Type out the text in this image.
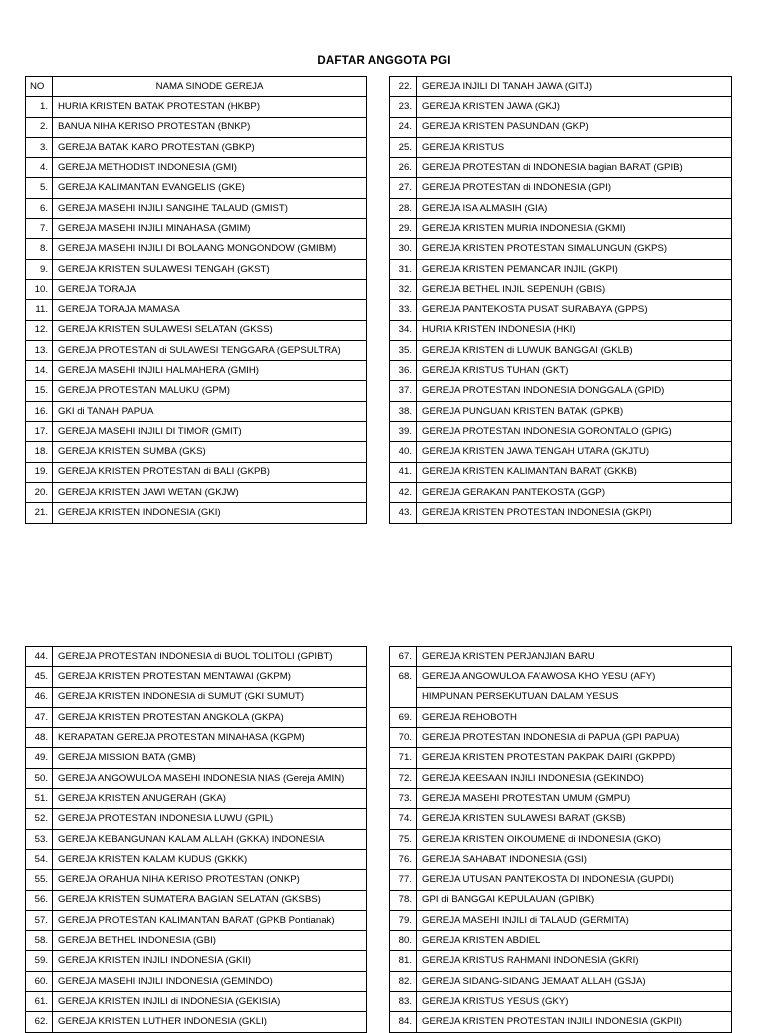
DAFTAR ANGGOTA PGI
NO	NAMA SINODE GEREJA
1.	HURIA KRISTEN BATAK PROTESTAN (HKBP)
2.	BANUA NIHA KERISO PROTESTAN (BNKP)
3.	GEREJA BATAK KARO PROTESTAN (GBKP)
4.	GEREJA METHODIST INDONESIA (GMI)
5.	GEREJA KALIMANTAN EVANGELIS (GKE)
6.	GEREJA MASEHI INJILI SANGIHE TALAUD (GMIST)
7.	GEREJA MASEHI INJILI MINAHASA (GMIM)
8.	GEREJA MASEHI INJILI DI BOLAANG MONGONDOW (GMIBM)
9.	GEREJA KRISTEN SULAWESI TENGAH (GKST)
10.	GEREJA TORAJA
11.	GEREJA TORAJA MAMASA
12.	GEREJA KRISTEN SULAWESI SELATAN (GKSS)
13.	GEREJA PROTESTAN di SULAWESI TENGGARA (GEPSULTRA)
14.	GEREJA MASEHI INJILI HALMAHERA (GMIH)
15.	GEREJA PROTESTAN MALUKU (GPM)
16.	GKI di TANAH PAPUA
17.	GEREJA MASEHI INJILI DI TIMOR (GMIT)
18.	GEREJA KRISTEN SUMBA (GKS)
19.	GEREJA KRISTEN PROTESTAN di BALI (GKPB)
20.	GEREJA KRISTEN JAWI WETAN (GKJW)
21.	GEREJA KRISTEN INDONESIA (GKI)
22.	GEREJA INJILI DI TANAH JAWA (GITJ)
23.	GEREJA KRISTEN JAWA (GKJ)
24.	GEREJA KRISTEN PASUNDAN (GKP)
25.	GEREJA KRISTUS
26.	GEREJA PROTESTAN di INDONESIA bagian BARAT (GPIB)
27.	GEREJA PROTESTAN di INDONESIA (GPI)
28.	GEREJA ISA ALMASIH (GIA)
29.	GEREJA KRISTEN MURIA INDONESIA (GKMI)
30.	GEREJA KRISTEN PROTESTAN SIMALUNGUN (GKPS)
31.	GEREJA KRISTEN PEMANCAR INJIL (GKPI)
32.	GEREJA BETHEL INJIL SEPENUH (GBIS)
33.	GEREJA PANTEKOSTA PUSAT SURABAYA (GPPS)
34.	HURIA KRISTEN INDONESIA (HKI)
35.	GEREJA KRISTEN di LUWUK BANGGAI (GKLB)
36.	GEREJA KRISTUS TUHAN (GKT)
37.	GEREJA PROTESTAN INDONESIA DONGGALA (GPID)
38.	GEREJA PUNGUAN KRISTEN BATAK (GPKB)
39.	GEREJA PROTESTAN INDONESIA GORONTALO (GPIG)
40.	GEREJA KRISTEN JAWA TENGAH UTARA (GKJTU)
41.	GEREJA KRISTEN KALIMANTAN BARAT (GKKB)
42.	GEREJA GERAKAN PANTEKOSTA (GGP)
43.	GEREJA KRISTEN PROTESTAN INDONESIA (GKPI)
44.	GEREJA PROTESTAN INDONESIA di BUOL TOLITOLI (GPIBT)
45.	GEREJA KRISTEN PROTESTAN MENTAWAI (GKPM)
46.	GEREJA KRISTEN INDONESIA di SUMUT (GKI SUMUT)
47.	GEREJA KRISTEN PROTESTAN ANGKOLA (GKPA)
48.	KERAPATAN GEREJA PROTESTAN MINAHASA (KGPM)
49.	GEREJA MISSION BATA (GMB)
50.	GEREJA ANGOWULOA MASEHI INDONESIA NIAS (Gereja AMIN)
51.	GEREJA KRISTEN ANUGERAH (GKA)
52.	GEREJA PROTESTAN INDONESIA LUWU (GPIL)
53.	GEREJA KEBANGUNAN KALAM ALLAH (GKKA) INDONESIA
54.	GEREJA KRISTEN KALAM KUDUS (GKKK)
55.	GEREJA ORAHUA NIHA KERISO PROTESTAN (ONKP)
56.	GEREJA KRISTEN SUMATERA BAGIAN SELATAN (GKSBS)
57.	GEREJA PROTESTAN KALIMANTAN BARAT (GPKB Pontianak)
58.	GEREJA BETHEL INDONESIA (GBI)
59.	GEREJA KRISTEN INJILI INDONESIA (GKII)
60.	GEREJA MASEHI INJILI INDONESIA (GEMINDO)
61.	GEREJA KRISTEN INJILI di INDONESIA (GEKISIA)
62.	GEREJA KRISTEN LUTHER INDONESIA (GKLI)
67.	GEREJA KRISTEN PERJANJIAN BARU
68.	GEREJA ANGOWULOA FA’AWOSA KHO YESU (AFY)
	HIMPUNAN PERSEKUTUAN DALAM YESUS
69.	GEREJA REHOBOTH
70.	GEREJA PROTESTAN INDONESIA di PAPUA (GPI PAPUA)
71.	GEREJA KRISTEN PROTESTAN PAKPAK DAIRI (GKPPD)
72.	GEREJA KEESAAN INJILI INDONESIA (GEKINDO)
73.	GEREJA MASEHI PROTESTAN UMUM (GMPU)
74.	GEREJA KRISTEN SULAWESI BARAT (GKSB)
75.	GEREJA KRISTEN OIKOUMENE di INDONESIA (GKO)
76.	GEREJA SAHABAT INDONESIA (GSI)
77.	GEREJA UTUSAN PANTEKOSTA DI INDONESIA (GUPDI)
78.	GPI di BANGGAI KEPULAUAN (GPIBK)
79.	GEREJA MASEHI INJILI di TALAUD (GERMITA)
80.	GEREJA KRISTEN ABDIEL
81.	GEREJA KRISTUS RAHMANI INDONESIA (GKRI)
82.	GEREJA SIDANG-SIDANG JEMAAT ALLAH (GSJA)
83.	GEREJA KRISTUS YESUS (GKY)
84.	GEREJA KRISTEN PROTESTAN INJILI INDONESIA (GKPII)
